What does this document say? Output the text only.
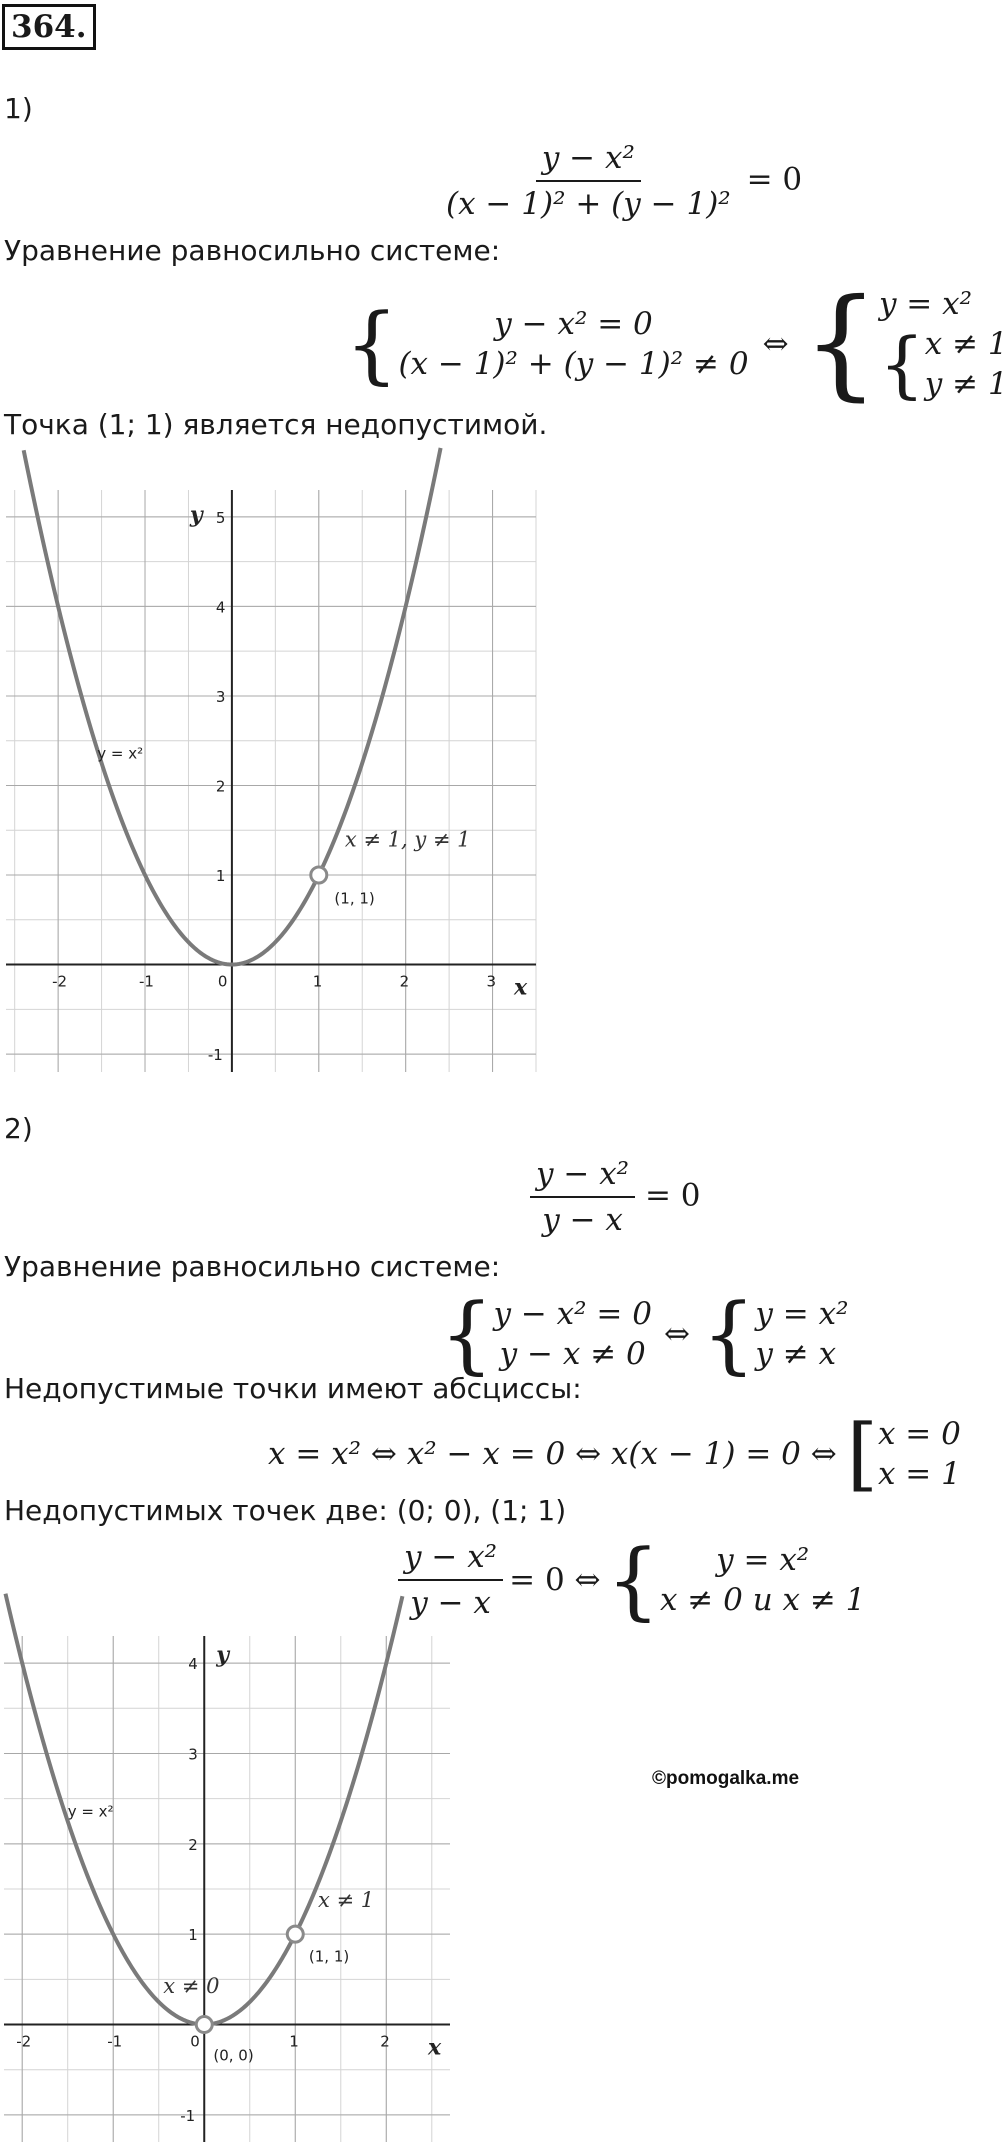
364.
1)
$\frac{\text{y − x²}}{\text{(x − 1)² + (y − 1)²}} = 0$
Уравнение равносильно системе:
{	y − x² = 0
(x − 1)² + (y − 1)² ≠ 0
⇔ { y = x²
{ x ≠ 1
y ≠ 1
Точка (1; 1) является недопустимой.
-2	-1	0	1	2	3
-1
1
2
3
4
5
x
y
y = x²
x ≠ 1, y ≠ 1
(1, 1)
2)
$\frac{\text{y − x²}}{y - x} = 0$
Уравнение равносильно системе:
{ y − x² = 0
y − x ≠ 0
⇔ { y = x²
y ≠ x
Недопустимые точки имеют абсциссы:
x = x² ⇔ x² − x = 0 ⇔ x(x − 1) = 0 ⇔ [ x = 0
x = 1
Недопустимых точек две: (0; 0), (1; 1)
$\frac{\text{y − x²}}{y - x} = 0$ ⇔ {	y = x²
x ≠ 0 и x ≠ 1
-2	-1	0	1	2
-1
1
2
3
4
x
y
y = x²
x ≠ 1
(1, 1)
x ≠ 0
(0, 0)
©pomogalka.me
